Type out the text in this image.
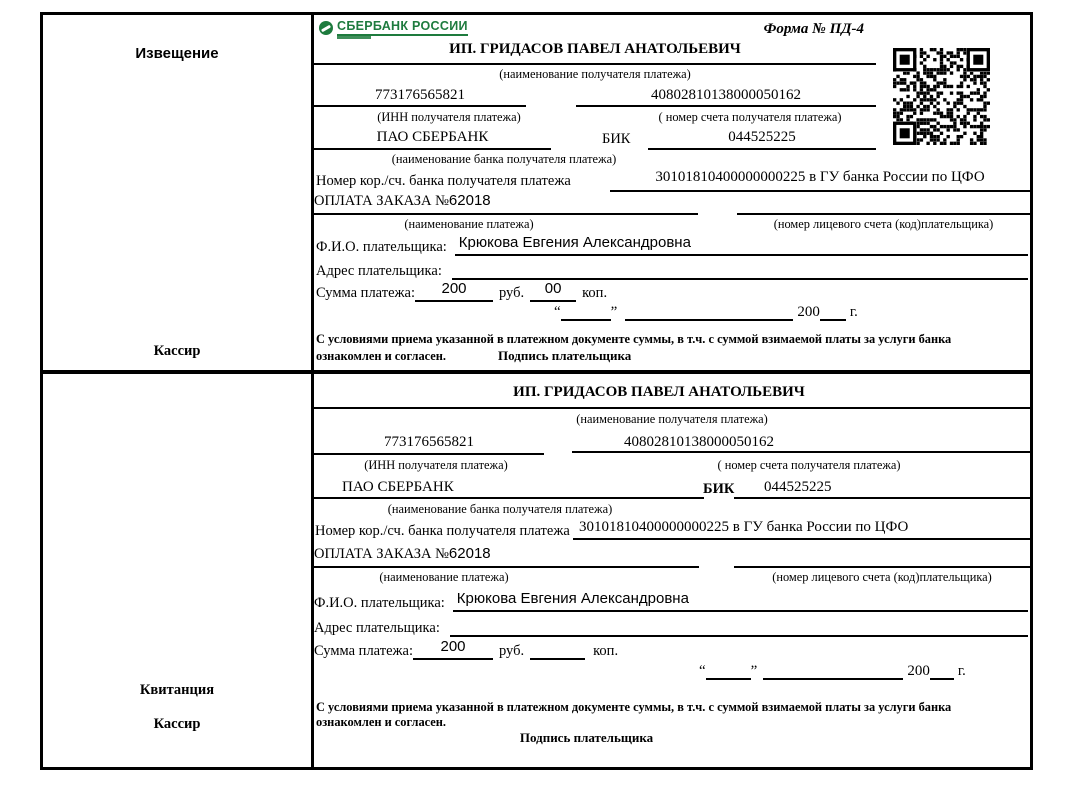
Извещение
Кассир
СБЕРБАНК РОССИИ	Форма № ПД-4
ИП. ГРИДАСОВ ПАВЕЛ АНАТОЛЬЕВИЧ
(наименование получателя платежа)
773176565821	40802810138000050162
(ИНН получателя платежа)	( номер счета получателя платежа)
ПАО СБЕРБАНК	БИК	044525225
(наименование банка получателя платежа)
Номер кор./сч. банка получателя платежа	30101810400000000225 в ГУ банка России по ЦФО
ОПЛАТА ЗАКАЗА №62018
(наименование платежа)	(номер лицевого счета (код)плательщика)
Ф.И.О. плательщика: Крюкова Евгения Александровна
Адрес плательщика:
Сумма платежа:	200	руб.	00	коп.
“	”	200 г.
С условиями приема указанной в платежном документе суммы, в т.ч. с суммой взимаемой платы за услуги банка
ознакомлен и согласен.	Подпись плательщика
Квитанция
Кассир
ИП. ГРИДАСОВ ПАВЕЛ АНАТОЛЬЕВИЧ
(наименование получателя платежа)
773176565821	40802810138000050162
(ИНН получателя платежа)	( номер счета получателя платежа)
ПАО СБЕРБАНК	БИК	044525225
(наименование банка получателя платежа)
Номер кор./сч. банка получателя платежа 30101810400000000225 в ГУ банка России по ЦФО
ОПЛАТА ЗАКАЗА №62018
(наименование платежа)	(номер лицевого счета (код)плательщика)
Ф.И.О. плательщика: Крюкова Евгения Александровна
Адрес плательщика:
Сумма платежа:	200	руб.	коп.
“	”	200 г.
С условиями приема указанной в платежном документе суммы, в т.ч. с суммой взимаемой платы за услуги банка
ознакомлен и согласен.
Подпись плательщика
